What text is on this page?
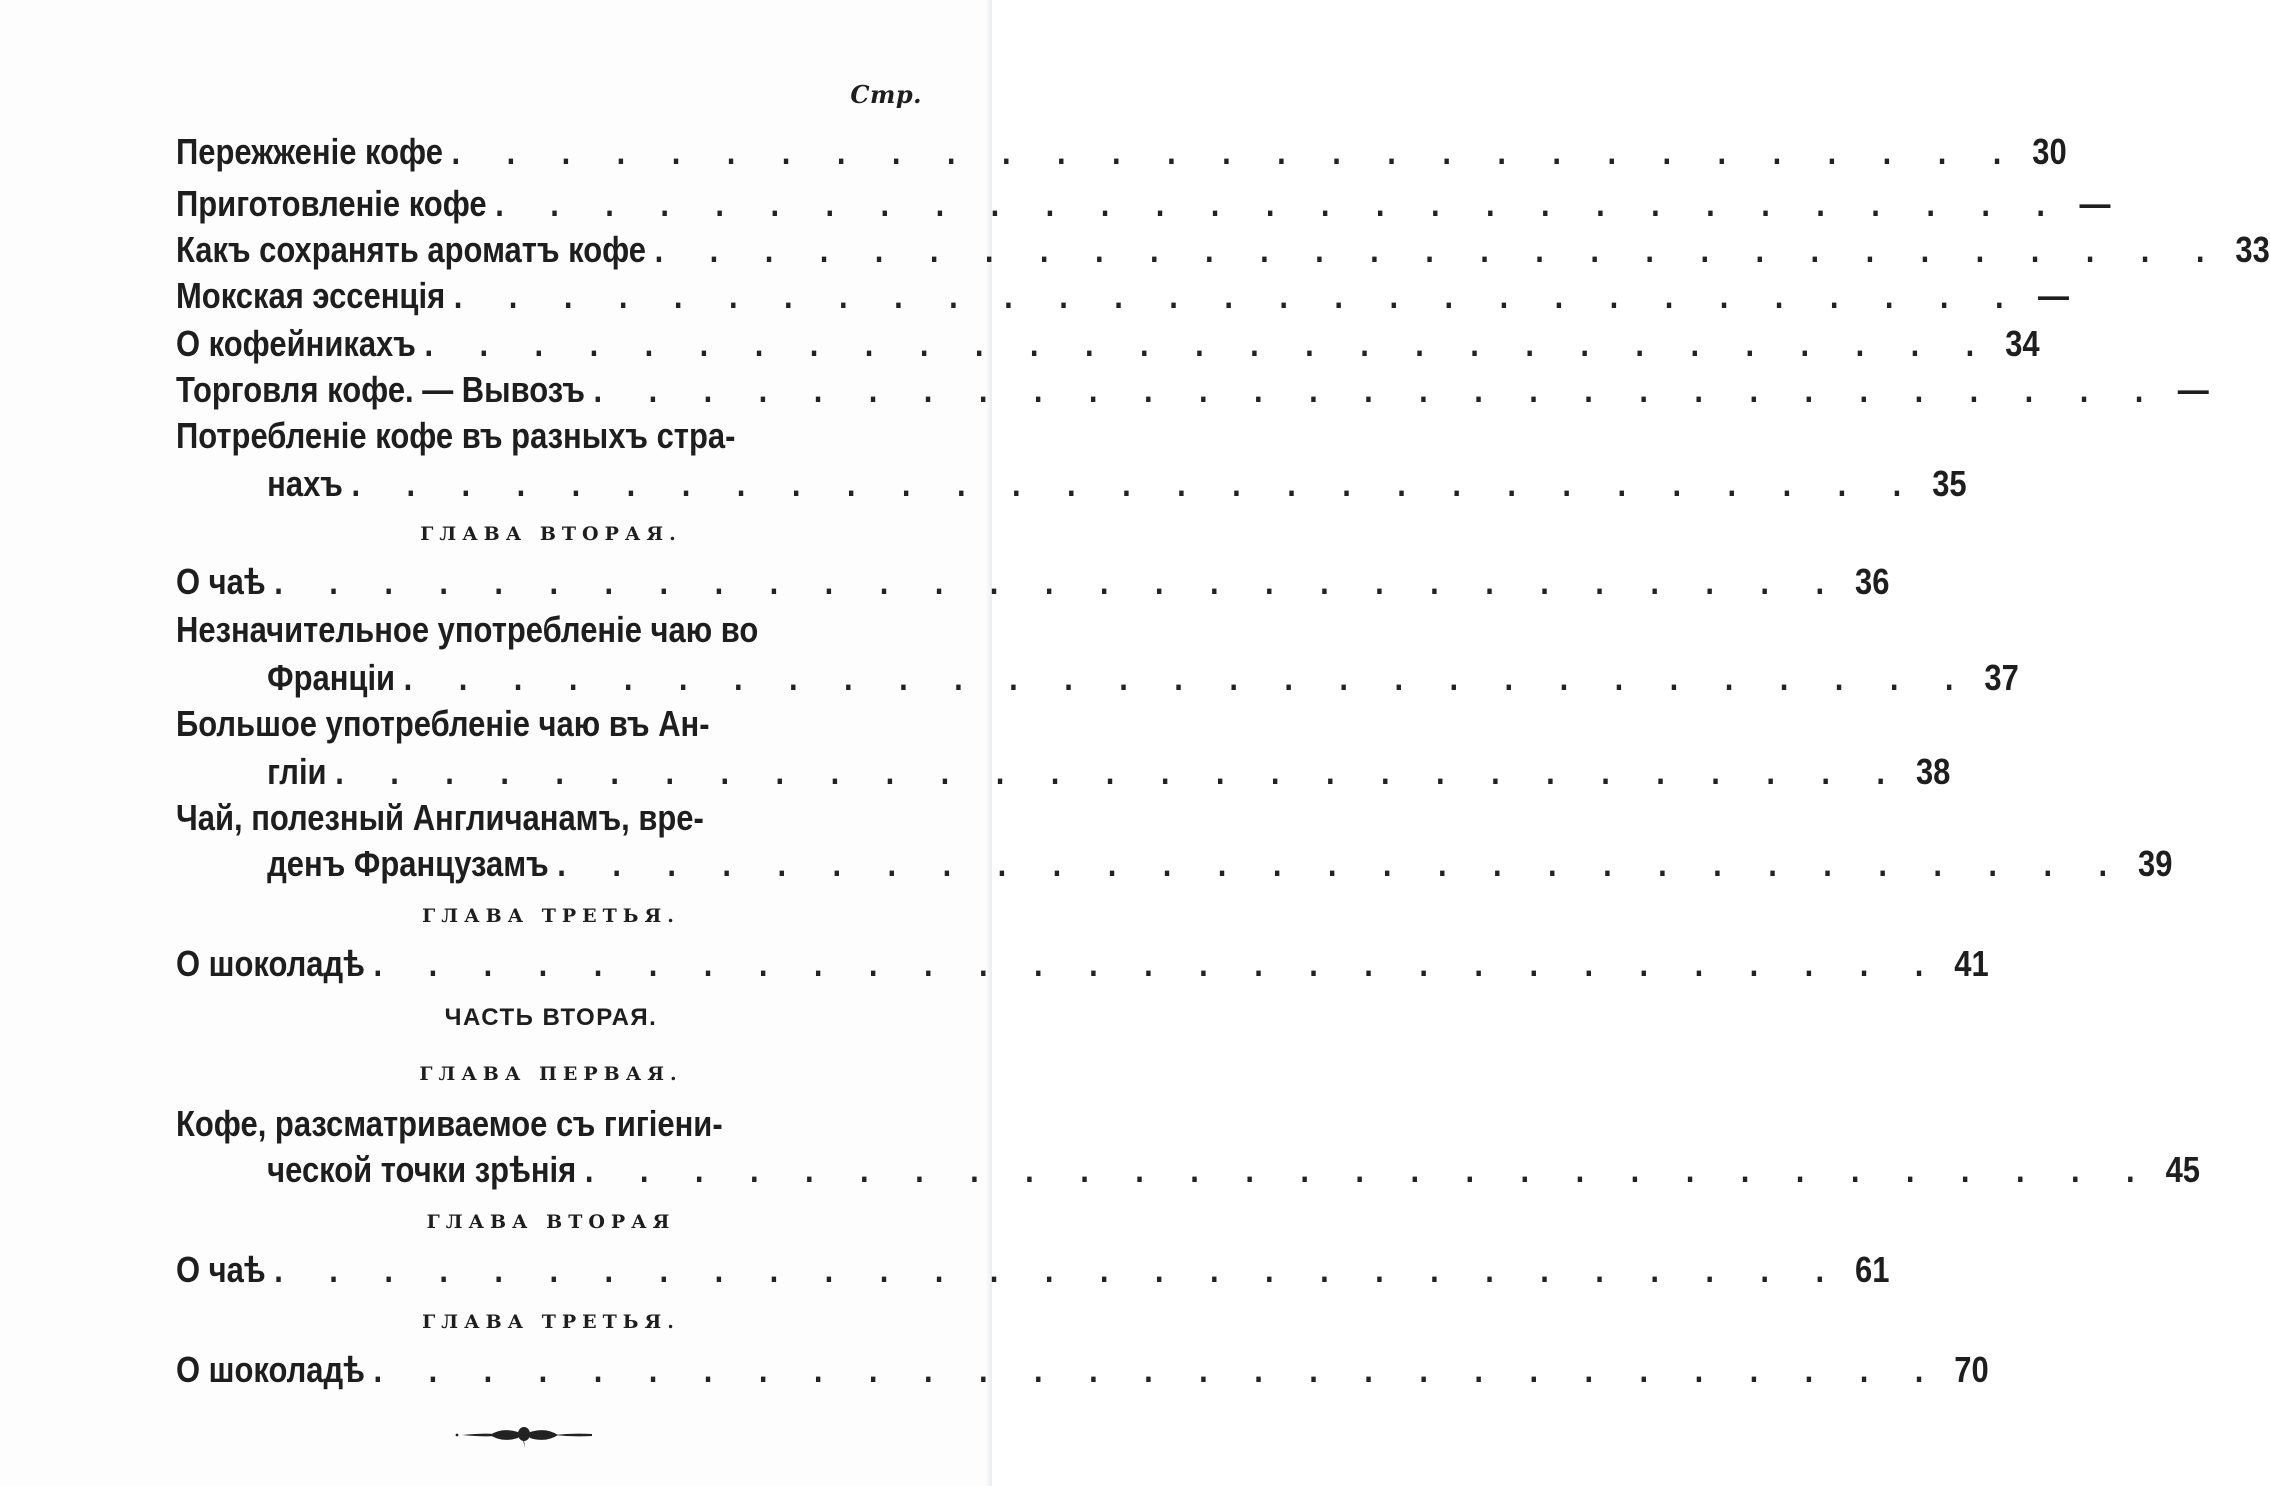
Стр.
Пережженіе кофе . . . . . . . . . . . . . . . . . . . . . . . . . . . . . 30
Приготовленіе кофе . . . . . . . . . . . . . . . . . . . . . . . . . . . . . —
Какъ сохранять ароматъ кофе . . . . . . . . . . . . . . . . . . . . . . . . . . . . . 33
Мокская эссенція . . . . . . . . . . . . . . . . . . . . . . . . . . . . . —
О кофейникахъ . . . . . . . . . . . . . . . . . . . . . . . . . . . . . 34
Торговля кофе. — Вывозъ . . . . . . . . . . . . . . . . . . . . . . . . . . . . . —
Потребленіе кофе въ разныхъ стра-
нахъ . . . . . . . . . . . . . . . . . . . . . . . . . . . . . 35
ГЛАВА ВТОРАЯ.
О чаѣ . . . . . . . . . . . . . . . . . . . . . . . . . . . . . 36
Незначительное употребленіе чаю во
Франціи . . . . . . . . . . . . . . . . . . . . . . . . . . . . . 37
Большое употребленіе чаю въ Ан-
гліи . . . . . . . . . . . . . . . . . . . . . . . . . . . . . 38
Чай, полезный Англичанамъ, вре-
денъ Французамъ . . . . . . . . . . . . . . . . . . . . . . . . . . . . . 39
ГЛАВА ТРЕТЬЯ.
О шоколадѣ . . . . . . . . . . . . . . . . . . . . . . . . . . . . . 41
ЧАСТЬ ВТОРАЯ.
ГЛАВА ПЕРВАЯ.
Кофе, разсматриваемое съ гигіени-
ческой точки зрѣнія . . . . . . . . . . . . . . . . . . . . . . . . . . . . . 45
ГЛАВА ВТОРАЯ
О чаѣ . . . . . . . . . . . . . . . . . . . . . . . . . . . . . 61
ГЛАВА ТРЕТЬЯ.
О шоколадѣ . . . . . . . . . . . . . . . . . . . . . . . . . . . . . 70
